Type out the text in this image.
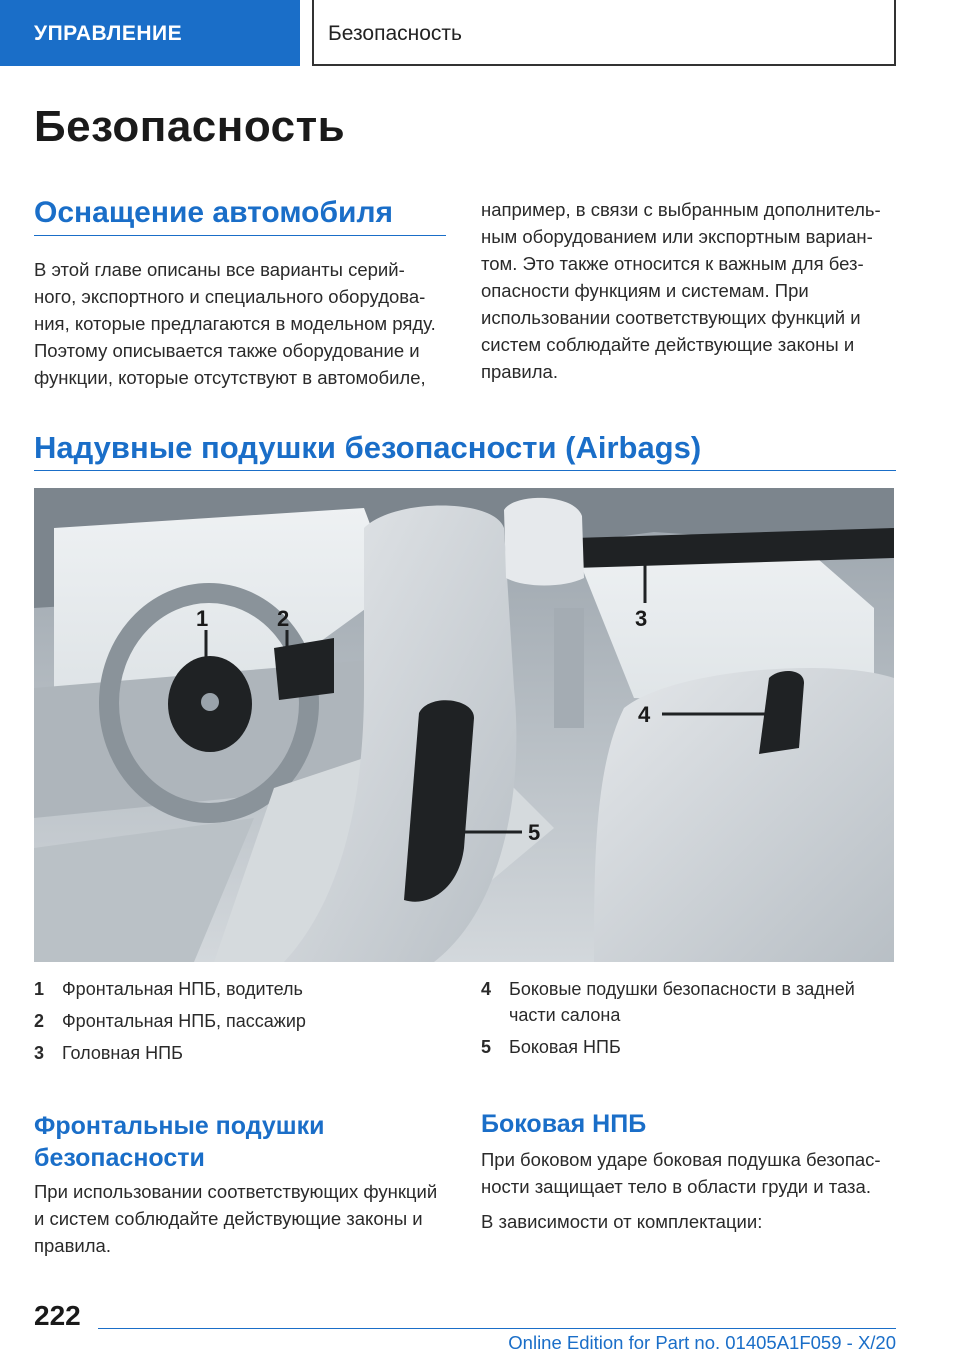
УПРАВЛЕНИЕ	Безопасность
Безопасность
Оснащение автомобиля
В этой главе описаны все варианты серий-
ного, экспортного и специального оборудова-
ния, которые предлагаются в модельном ряду.
Поэтому описывается также оборудование и
функции, которые отсутствуют в автомобиле,
например, в связи с выбранным дополнитель-
ным оборудованием или экспортным вариан-
том. Это также относится к важным для без-
опасности функциям и системам. При
использовании соответствующих функций и
систем соблюдайте действующие законы и
правила.
Надувные подушки безопасности (Airbags)
1	2	3
4
5
1 Фронтальная НПБ, водитель
2 Фронтальная НПБ, пассажир
3 Головная НПБ
4 Боковые подушки безопасности в задней части салона
5 Боковая НПБ
Фронтальные подушки
безопасности
При использовании соответствующих функций
и систем соблюдайте действующие законы и
правила.
Боковая НПБ
При боковом ударе боковая подушка безопас-
ности защищает тело в области груди и таза.
В зависимости от комплектации:
222
Online Edition for Part no. 01405A1F059 - X/20
